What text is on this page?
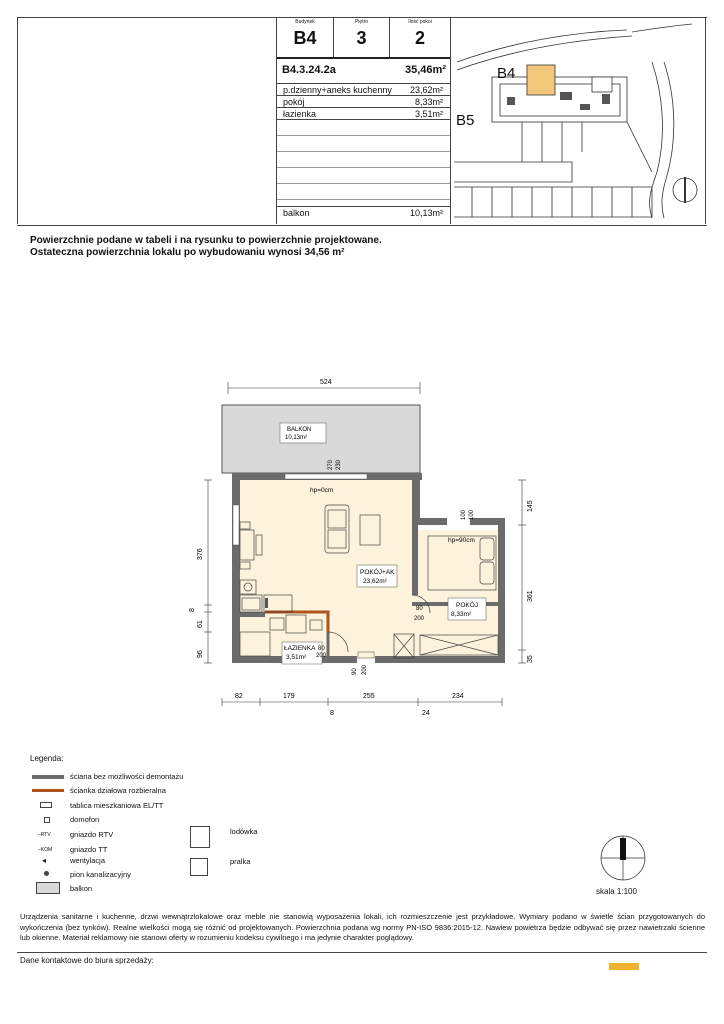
Budynek
B4
Piętro
3
Ilość pokoi
2
B4.3.24.2a	35,46m²
p.dzienny+aneks kuchenny 23,62m²
pokój	8,33m²
łazienka	3,51m²
balkon	10,13m²
B4
B5
Powierzchnie podane w tabeli i na rysunku to powierzchnie projektowane.
Ostateczna powierzchnia lokalu po wybudowaniu wynosi 34,56 m²
524
BALKON
10,13m²
POKÓJ+AK
23,62m²
POKÓJ
8,33m²
ŁAZIENKA
3,51m²
hp=0cm
hp=90cm
80
200
80
200
90 200
270 230
100 100
376
8
61
96
145
361
35
82	179	255	234
8	24
Legenda:
ściana bez możliwości demontażu
ścianka działowa rozbieralna
tablica mieszkaniowa EL/TT
domofon
–RTV	gniazdo RTV
–KOM gniazdo TT
◂	wentylacja
pion kanalizacyjny
balkon
lodówka
pralka
skala 1:100
Urządzenia sanitarne i kuchenne, drzwi wewnątrzlokalowe oraz meble nie stanowią wyposażenia lokali, ich rozmieszczenie jest przykładowe. Wymiary podano w świetle ścian przygotowanych do wykończenia (bez tynków). Realne wielkości mogą się różnić od projektowanych. Powierzchnia podana wg normy PN-ISO 9836:2015-12. Nawiew powietrza będzie odbywać się przez nawietrzaki ścienne lub okienne. Materiał reklamowy nie stanowi oferty w rozumieniu kodeksu cywilnego i ma jedynie charakter poglądowy.
Dane kontaktowe do biura sprzedaży:
